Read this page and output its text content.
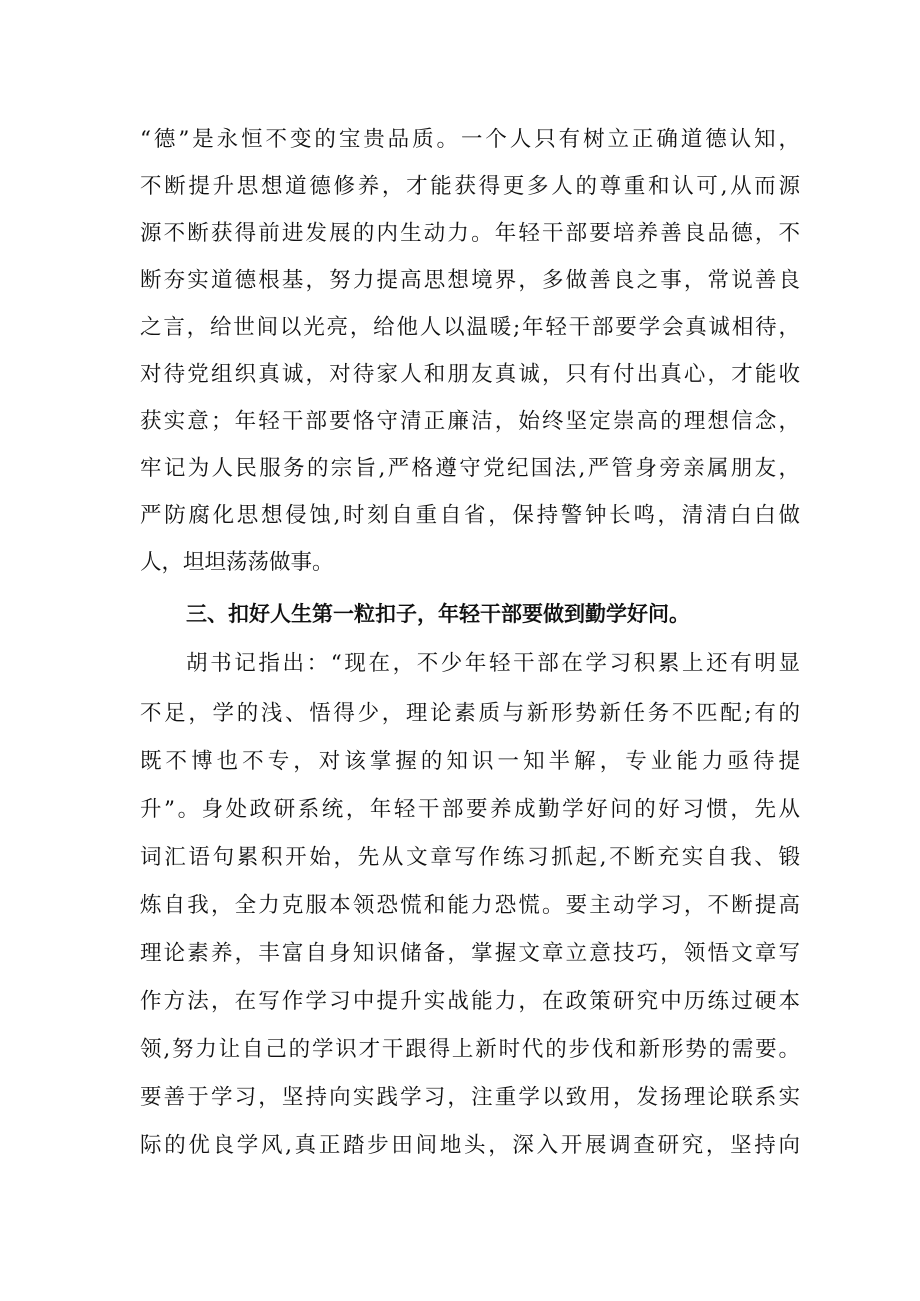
“德”是永恒不变的宝贵品质。一个人只有树立正确道德认知，
不断提升思想道德修养，才能获得更多人的尊重和认可,从而源
源不断获得前进发展的内生动力。年轻干部要培养善良品德，不
断夯实道德根基，努力提高思想境界，多做善良之事，常说善良
之言，给世间以光亮，给他人以温暖;年轻干部要学会真诚相待，
对待党组织真诚，对待家人和朋友真诚，只有付出真心，才能收
获实意；年轻干部要恪守清正廉洁，始终坚定崇高的理想信念，
牢记为人民服务的宗旨,严格遵守党纪国法,严管身旁亲属朋友，
严防腐化思想侵蚀,时刻自重自省，保持警钟长鸣，清清白白做
人，坦坦荡荡做事。
三、扣好人生第一粒扣子，年轻干部要做到勤学好问。
胡书记指出：“现在，不少年轻干部在学习积累上还有明显
不足，学的浅、悟得少，理论素质与新形势新任务不匹配;有的
既不博也不专，对该掌握的知识一知半解，专业能力亟待提
升”。身处政研系统，年轻干部要养成勤学好问的好习惯，先从
词汇语句累积开始，先从文章写作练习抓起,不断充实自我、锻
炼自我，全力克服本领恐慌和能力恐慌。要主动学习，不断提高
理论素养，丰富自身知识储备，掌握文章立意技巧，领悟文章写
作方法，在写作学习中提升实战能力，在政策研究中历练过硬本
领,努力让自己的学识才干跟得上新时代的步伐和新形势的需要。
要善于学习，坚持向实践学习，注重学以致用，发扬理论联系实
际的优良学风,真正踏步田间地头，深入开展调查研究，坚持向
